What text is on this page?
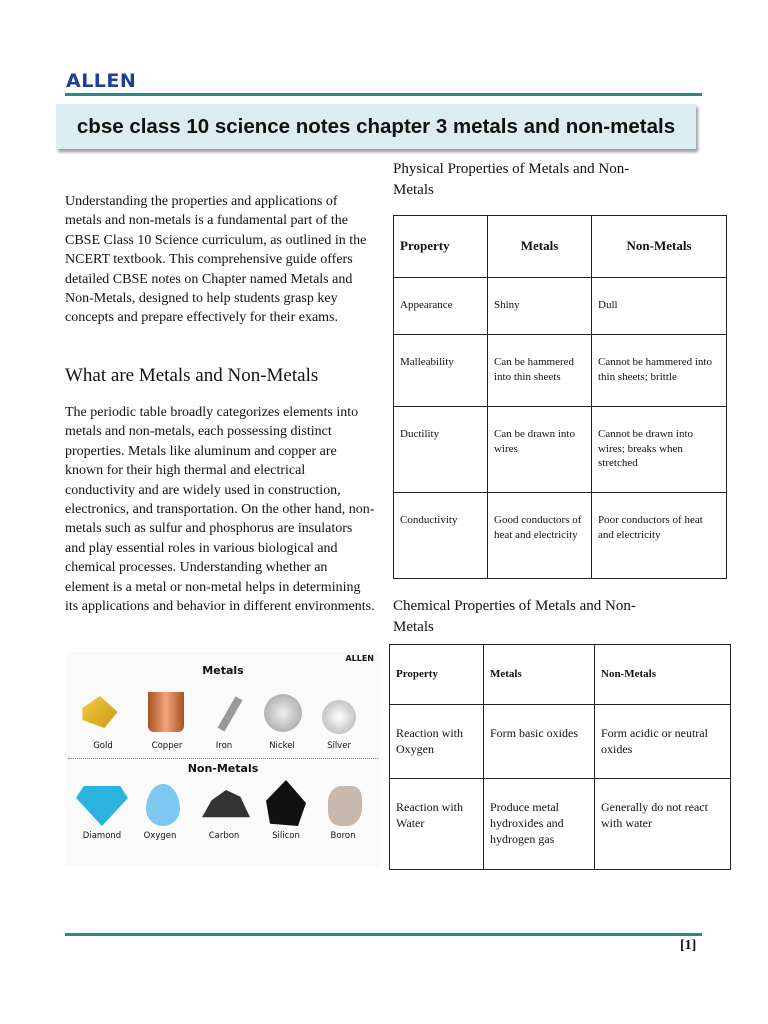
ALLEN
cbse class 10 science notes chapter 3 metals and non-metals
Understanding the properties and applications of metals and non-metals is a fundamental part of the CBSE Class 10 Science curriculum, as outlined in the NCERT textbook. This comprehensive guide offers detailed CBSE notes on Chapter named Metals and Non-Metals, designed to help students grasp key concepts and prepare effectively for their exams.
What are Metals and Non-Metals
The periodic table broadly categorizes elements into metals and non-metals, each possessing distinct properties. Metals like aluminum and copper are known for their high thermal and electrical conductivity and are widely used in construction, electronics, and transportation. On the other hand, non-metals such as sulfur and phosphorus are insulators and play essential roles in various biological and chemical processes. Understanding whether an element is a metal or non-metal helps in determining its applications and behavior in different environments.
ALLEN
Metals
Gold	Copper	Iron	Nickel	Silver
Non-Metals
Diamond	Oxygen	Carbon	Silicon	Boron
Physical Properties of Metals and Non-Metals
Property	Metals	Non-Metals
Appearance	Shiny	Dull
Malleability	Can be hammered into thin sheets	Cannot be hammered into thin sheets; brittle
Ductility	Can be drawn into wires	Cannot be drawn into wires; breaks when stretched
Conductivity	Good conductors of heat and electricity	Poor conductors of heat and electricity
Chemical Properties of Metals and Non-Metals
Property	Metals	Non-Metals
Reaction with Oxygen	Form basic oxides	Form acidic or neutral oxides
Reaction with Water	Produce metal hydroxides and hydrogen gas	Generally do not react with water
[1]
